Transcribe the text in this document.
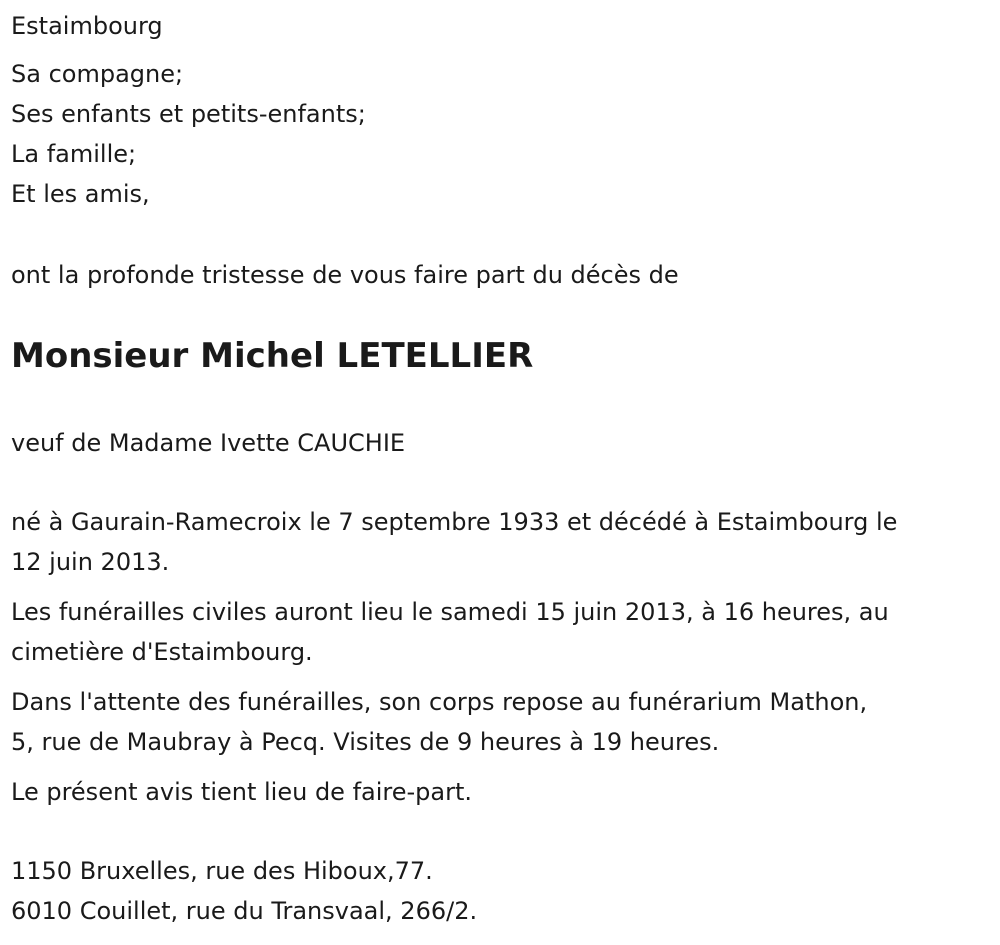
Estaimbourg
Sa compagne;
Ses enfants et petits-enfants;
La famille;
Et les amis,
ont la profonde tristesse de vous faire part du décès de
Monsieur Michel LETELLIER
veuf de Madame Ivette CAUCHIE
né à Gaurain-Ramecroix le 7 septembre 1933 et décédé à Estaimbourg le
12 juin 2013.
Les funérailles civiles auront lieu le samedi 15 juin 2013, à 16 heures, au
cimetière d'Estaimbourg.
Dans l'attente des funérailles, son corps repose au funérarium Mathon,
5, rue de Maubray à Pecq. Visites de 9 heures à 19 heures.
Le présent avis tient lieu de faire-part.
1150 Bruxelles, rue des Hiboux,77.
6010 Couillet, rue du Transvaal, 266/2.
